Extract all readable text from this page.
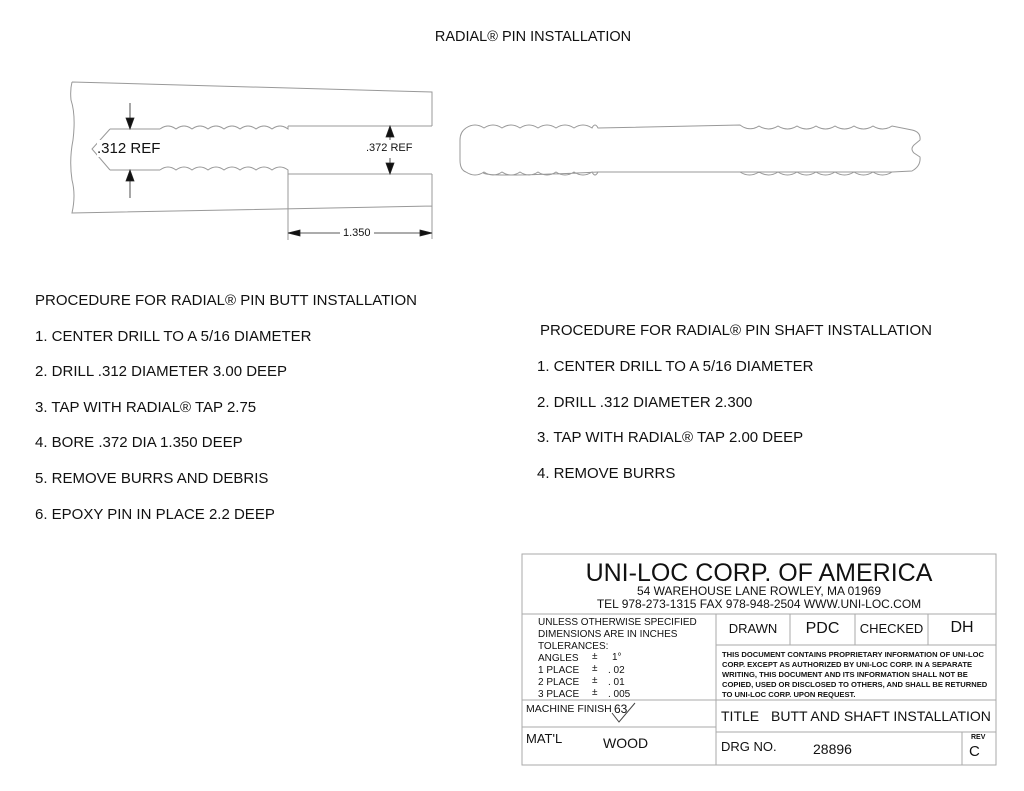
RADIAL® PIN INSTALLATION
.312 REF	.372 REF
1.350
PROCEDURE FOR RADIAL® PIN BUTT INSTALLATION
1. CENTER DRILL TO A 5/16 DIAMETER
2. DRILL .312 DIAMETER 3.00 DEEP
3. TAP WITH RADIAL® TAP 2.75
4. BORE .372 DIA 1.350 DEEP
5. REMOVE BURRS AND DEBRIS
6. EPOXY PIN IN PLACE 2.2 DEEP
PROCEDURE FOR RADIAL® PIN SHAFT INSTALLATION
1. CENTER DRILL TO A 5/16 DIAMETER
2. DRILL .312 DIAMETER 2.300
3. TAP WITH RADIAL® TAP 2.00 DEEP
4. REMOVE BURRS
UNI-LOC CORP. OF AMERICA
54 WAREHOUSE LANE ROWLEY, MA 01969
TEL 978-273-1315 FAX 978-948-2504 WWW.UNI-LOC.COM
UNLESS OTHERWISE SPECIFIED
DIMENSIONS ARE IN INCHES
TOLERANCES:
ANGLES ± 1°
1 PLACE ± . 02
2 PLACE ± . 01
3 PLACE ± . 005
DRAWN	PDC	CHECKED	DH
THIS DOCUMENT CONTAINS PROPRIETARY INFORMATION OF UNI-LOC CORP. EXCEPT AS AUTHORIZED BY UNI-LOC CORP. IN A SEPARATE WRITING, THIS DOCUMENT AND ITS INFORMATION SHALL NOT BE COPIED, USED OR DISCLOSED TO OTHERS, AND SHALL BE RETURNED TO UNI-LOC CORP. UPON REQUEST.
MACHINE FINISH 63
MAT'L	WOOD
TITLE BUTT AND SHAFT INSTALLATION
DRG NO.	28896
REV
C
